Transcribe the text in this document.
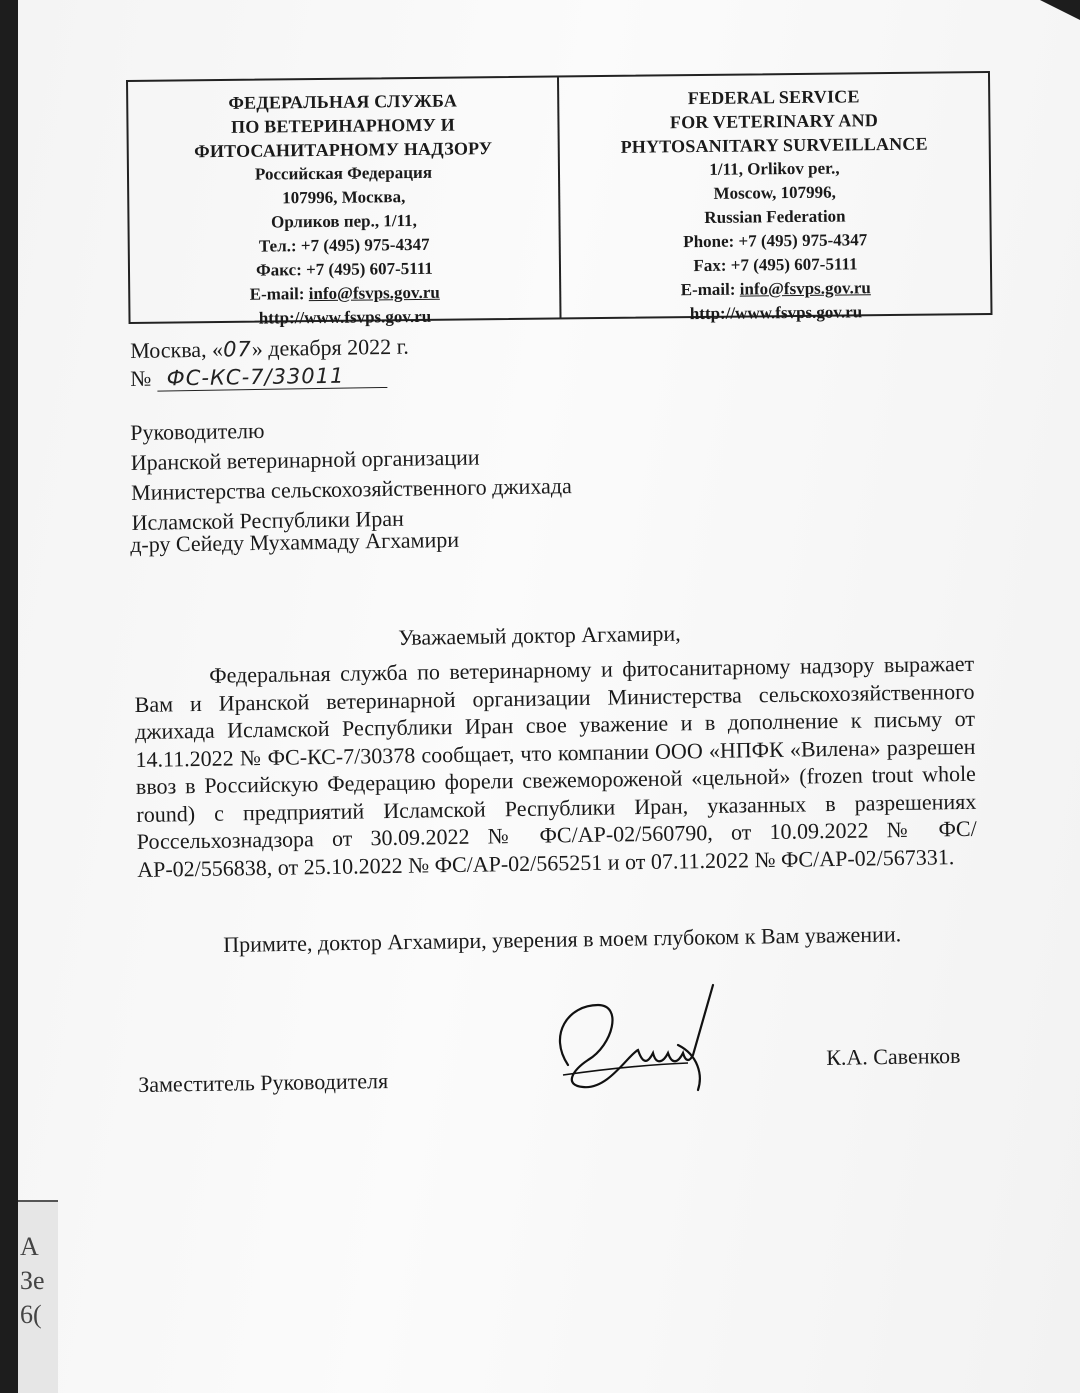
ФЕДЕРАЛЬНАЯ СЛУЖБА
ПО ВЕТЕРИНАРНОМУ И
ФИТОСАНИТАРНОМУ НАДЗОРУ
Российская Федерация
107996, Москва,
Орликов пер., 1/11,
Тел.: +7 (495) 975-4347
Факс: +7 (495) 607-5111
E-mail: info@fsvps.gov.ru
http://www.fsvps.gov.ru
FEDERAL SERVICE
FOR VETERINARY AND
PHYTOSANITARY SURVEILLANCE
1/11, Orlikov per.,
Moscow, 107996,
Russian Federation
Phone: +7 (495) 975-4347
Fax: +7 (495) 607-5111
E-mail: info@fsvps.gov.ru
http://www.fsvps.gov.ru
Москва, «07» декабря 2022 г.
№ ФС-КС-7/33011
Руководителю
Иранской ветеринарной организации
Министерства сельскохозяйственного джихада
Исламской Республики Иран
д-ру Сейеду Мухаммаду Агхамири
Уважаемый доктор Агхамири,
Федеральная служба по ветеринарному и фитосанитарному надзору выражает Вам и Иранской ветеринарной организации Министерства сельскохозяйственного джихада Исламской Республики Иран свое уважение и в дополнение к письму от 14.11.2022 № ФС-КС-7/30378 сообщает, что компании ООО «НПФК «Вилена» разрешен ввоз в Российскую Федерацию форели свежемороженой «цельной» (frozen trout whole round) с предприятий Исламской Республики Иран, указанных в разрешениях Россельхознадзора от 30.09.2022 № ФС/АР-02/560790, от 10.09.2022 № ФС/АР-02/556838, от 25.10.2022 № ФС/АР-02/565251 и от 07.11.2022 № ФС/АР-02/567331.
Примите, доктор Агхамири, уверения в моем глубоком к Вам уважении.
Заместитель Руководителя
К.А. Савенков
A
Зe
6(
